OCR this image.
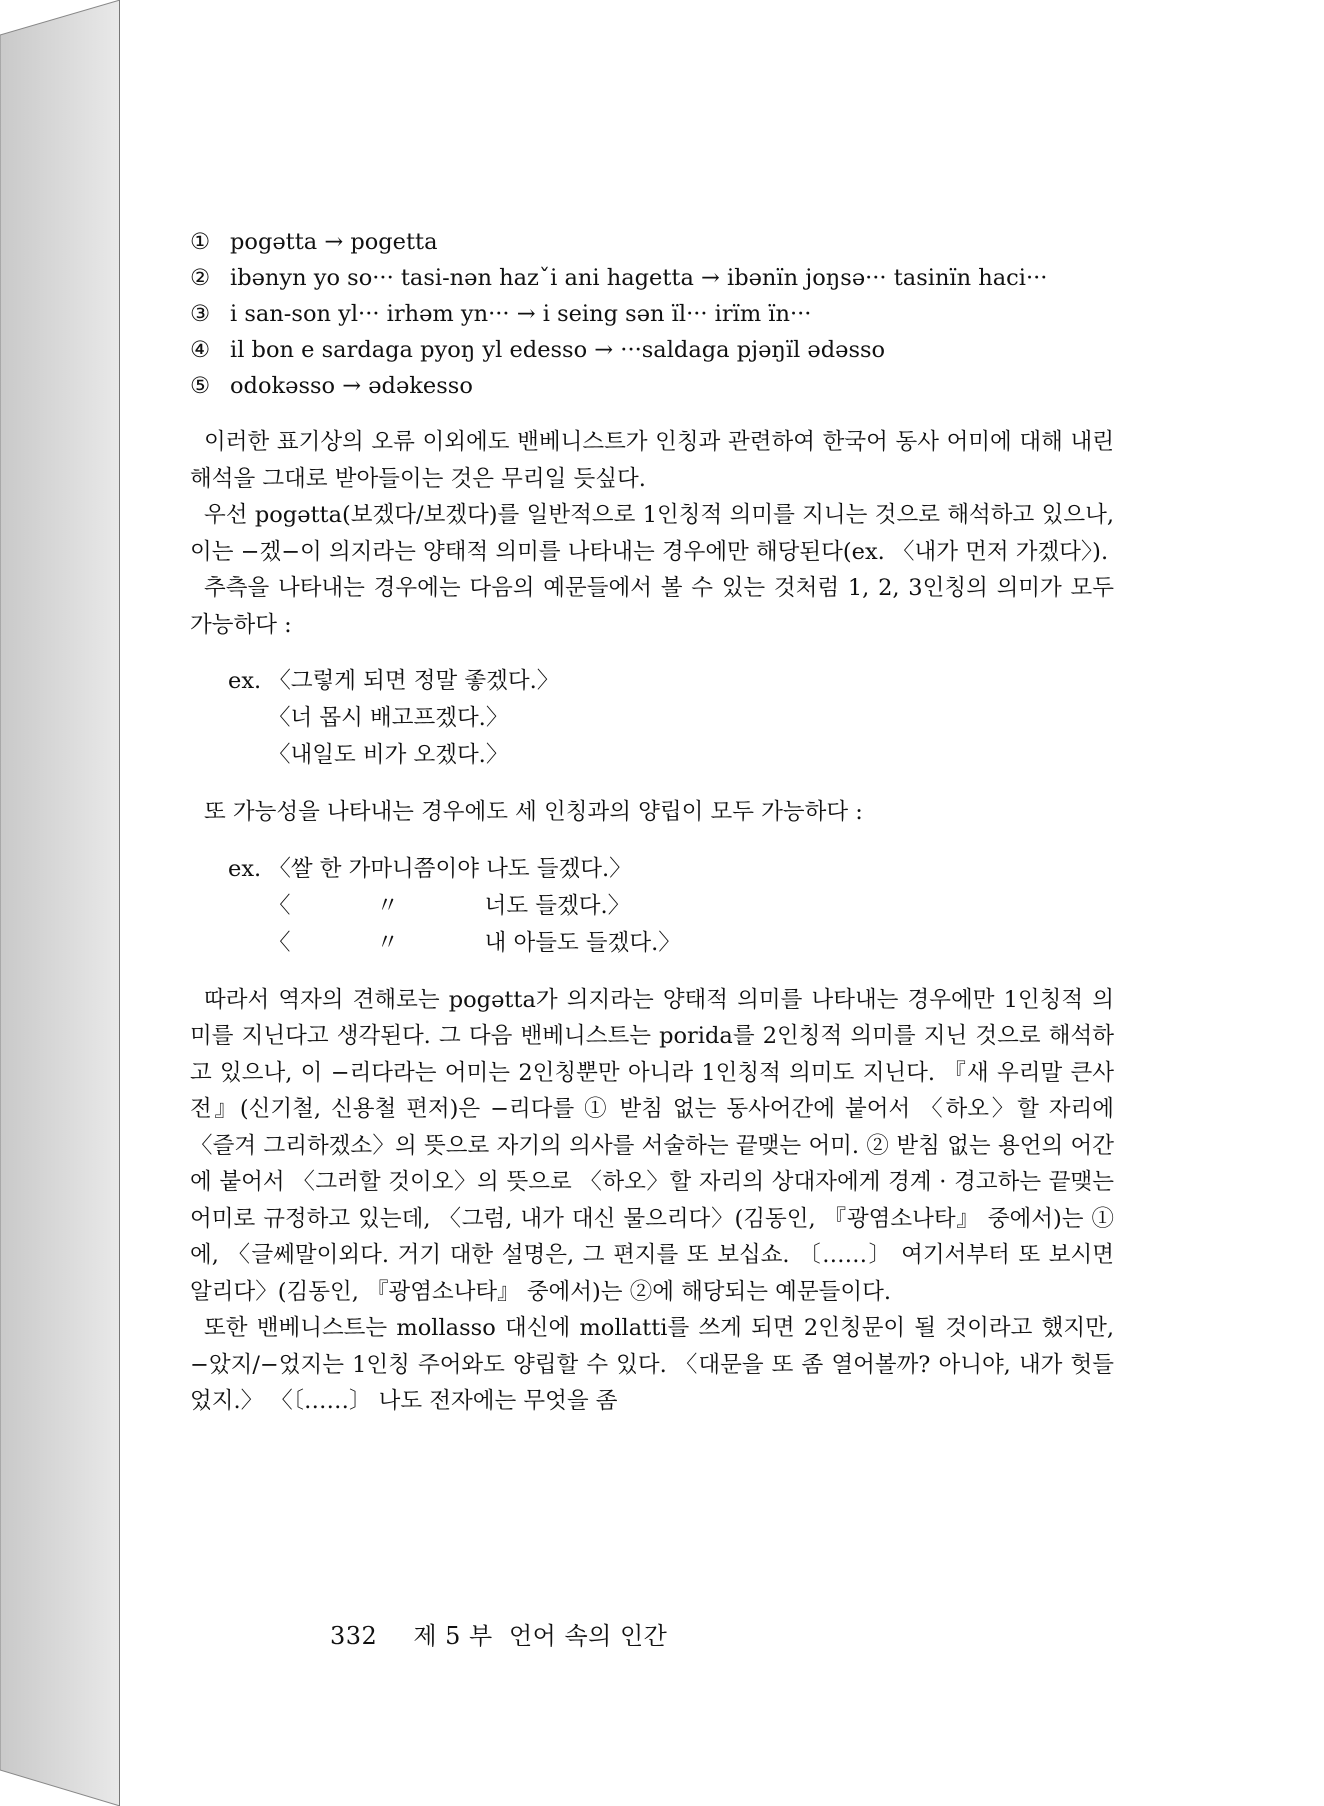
① pogətta → pogetta
② ibənyn yo so··· tasi-nən hazˇi ani hagetta → ibənïn joŋsə··· tasinïn haci···
③ i san-son yl··· irhəm yn··· → i seing sən ïl··· irïm ïn···
④ il bon e sardaga pyoŋ yl edesso → ···saldaga pjəŋïl ədəsso
⑤ odokəsso → ədəkesso

이러한 표기상의 오류 이외에도 밴베니스트가 인칭과 관련하여 한국어 동사 어미에 대해 내린 해석을 그대로 받아들이는 것은 무리일 듯싶다.

우선 pogətta(보겠다/보겠다)를 일반적으로 1인칭적 의미를 지니는 것으로 해석하고 있으나, 이는 −겠−이 의지라는 양태적 의미를 나타내는 경우에만 해당된다(ex. 〈내가 먼저 가겠다〉).

추측을 나타내는 경우에는 다음의 예문들에서 볼 수 있는 것처럼 1, 2, 3인칭의 의미가 모두 가능하다 :

ex. 〈그렇게 되면 정말 좋겠다.〉
〈너 몹시 배고프겠다.〉
〈내일도 비가 오겠다.〉

또 가능성을 나타내는 경우에도 세 인칭과의 양립이 모두 가능하다 :

ex. 〈쌀 한 가마니쯤이야 나도 들겠다.〉
〈            〃            너도 들겠다.〉
〈            〃            내 아들도 들겠다.〉

따라서 역자의 견해로는 pogətta가 의지라는 양태적 의미를 나타내는 경우에만 1인칭적 의미를 지닌다고 생각된다. 그 다음 밴베니스트는 porida를 2인칭적 의미를 지닌 것으로 해석하고 있으나, 이 −리다라는 어미는 2인칭뿐만 아니라 1인칭적 의미도 지닌다. 『새 우리말 큰사전』(신기철, 신용철 편저)은 −리다를 ① 받침 없는 동사어간에 붙어서 〈하오〉할 자리에 〈즐겨 그리하겠소〉의 뜻으로 자기의 의사를 서술하는 끝맺는 어미. ② 받침 없는 용언의 어간에 붙어서 〈그러할 것이오〉의 뜻으로 〈하오〉할 자리의 상대자에게 경계 · 경고하는 끝맺는 어미로 규정하고 있는데, 〈그럼, 내가 대신 물으리다〉(김동인, 『광염소나타』 중에서)는 ①에, 〈글쎄말이외다. 거기 대한 설명은, 그 편지를 또 보십쇼. 〔……〕 여기서부터 또 보시면 알리다〉(김동인, 『광염소나타』 중에서)는 ②에 해당되는 예문들이다.

또한 밴베니스트는 mollasso 대신에 mollatti를 쓰게 되면 2인칭문이 될 것이라고 했지만, −았지/−었지는 1인칭 주어와도 양립할 수 있다. 〈대문을 또 좀 열어볼까? 아니야, 내가 헛들었지.〉 〈〔……〕 나도 전자에는 무엇을 좀

332 제 5 부 언어 속의 인간
